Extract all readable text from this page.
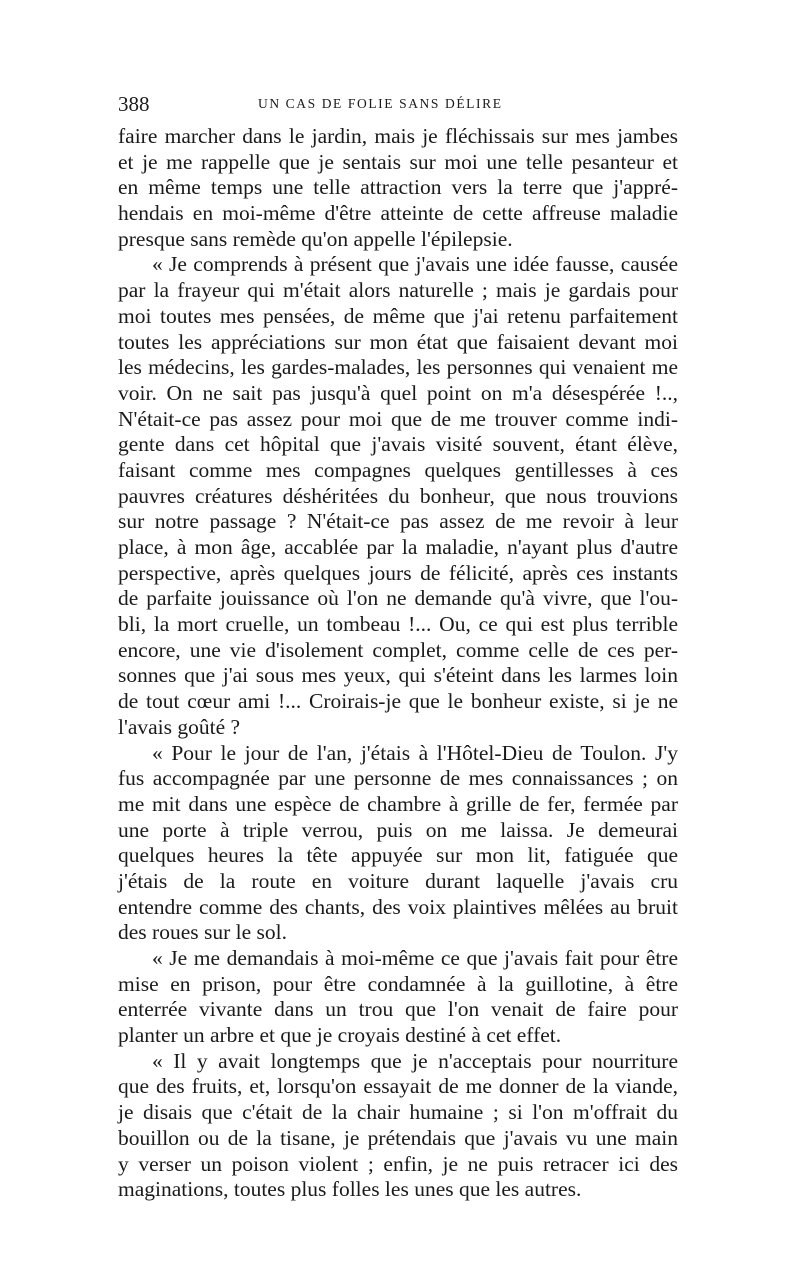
388	UN CAS DE FOLIE SANS DÉLIRE
faire marcher dans le jardin, mais je fléchissais sur mes jambes
et je me rappelle que je sentais sur moi une telle pesanteur et
en même temps une telle attraction vers la terre que j'appré-
hendais en moi-même d'être atteinte de cette affreuse maladie
presque sans remède qu'on appelle l'épilepsie.
« Je comprends à présent que j'avais une idée fausse, causée
par la frayeur qui m'était alors naturelle ; mais je gardais pour
moi toutes mes pensées, de même que j'ai retenu parfaitement
toutes les appréciations sur mon état que faisaient devant moi
les médecins, les gardes-malades, les personnes qui venaient me
voir. On ne sait pas jusqu'à quel point on m'a désespérée !..,
N'était-ce pas assez pour moi que de me trouver comme indi-
gente dans cet hôpital que j'avais visité souvent, étant élève,
faisant comme mes compagnes quelques gentillesses à ces
pauvres créatures déshéritées du bonheur, que nous trouvions
sur notre passage ? N'était-ce pas assez de me revoir à leur
place, à mon âge, accablée par la maladie, n'ayant plus d'autre
perspective, après quelques jours de félicité, après ces instants
de parfaite jouissance où l'on ne demande qu'à vivre, que l'ou-
bli, la mort cruelle, un tombeau !... Ou, ce qui est plus terrible
encore, une vie d'isolement complet, comme celle de ces per-
sonnes que j'ai sous mes yeux, qui s'éteint dans les larmes loin
de tout cœur ami !... Croirais-je que le bonheur existe, si je ne
l'avais goûté ?
« Pour le jour de l'an, j'étais à l'Hôtel-Dieu de Toulon. J'y
fus accompagnée par une personne de mes connaissances ; on
me mit dans une espèce de chambre à grille de fer, fermée par
une porte à triple verrou, puis on me laissa. Je demeurai
quelques heures la tête appuyée sur mon lit, fatiguée que
j'étais de la route en voiture durant laquelle j'avais cru
entendre comme des chants, des voix plaintives mêlées au bruit
des roues sur le sol.
« Je me demandais à moi-même ce que j'avais fait pour être
mise en prison, pour être condamnée à la guillotine, à être
enterrée vivante dans un trou que l'on venait de faire pour
planter un arbre et que je croyais destiné à cet effet.
« Il y avait longtemps que je n'acceptais pour nourriture
que des fruits, et, lorsqu'on essayait de me donner de la viande,
je disais que c'était de la chair humaine ; si l'on m'offrait du
bouillon ou de la tisane, je prétendais que j'avais vu une main
y verser un poison violent ; enfin, je ne puis retracer ici des
maginations, toutes plus folles les unes que les autres.
